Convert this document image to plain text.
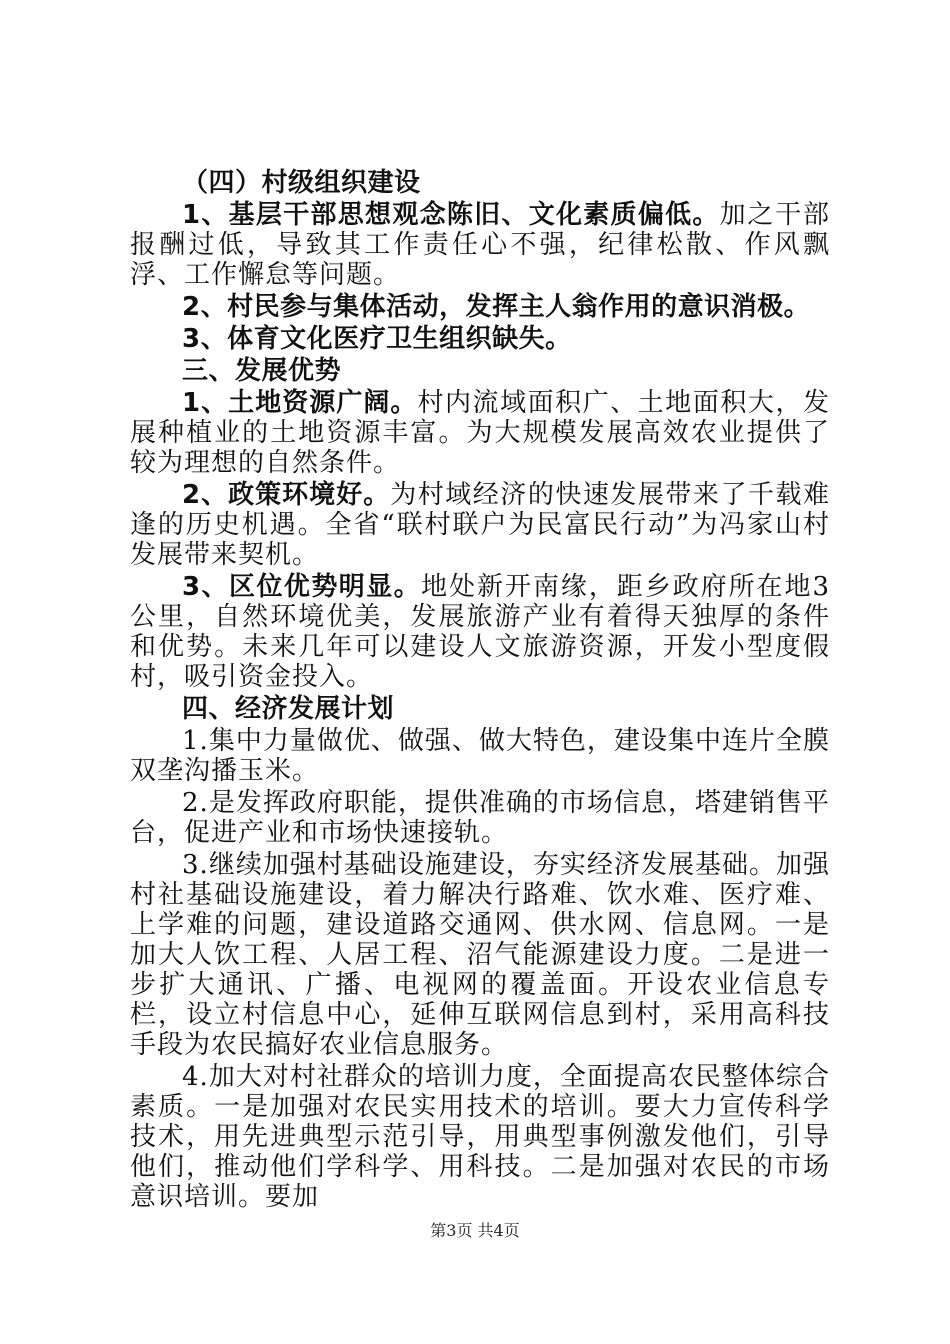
（四）村级组织建设

1、基层干部思想观念陈旧、文化素质偏低。加之干部报酬过低，导致其工作责任心不强，纪律松散、作风飘浮、工作懈怠等问题。

2、村民参与集体活动，发挥主人翁作用的意识消极。

3、体育文化医疗卫生组织缺失。

三、发展优势

1、土地资源广阔。村内流域面积广、土地面积大，发展种植业的土地资源丰富。为大规模发展高效农业提供了较为理想的自然条件。

2、政策环境好。为村域经济的快速发展带来了千载难逢的历史机遇。全省“联村联户为民富民行动”为冯家山村发展带来契机。

3、区位优势明显。地处新开南缘，距乡政府所在地3公里，自然环境优美，发展旅游产业有着得天独厚的条件和优势。未来几年可以建设人文旅游资源，开发小型度假村，吸引资金投入。

四、经济发展计划

1.集中力量做优、做强、做大特色，建设集中连片全膜双垄沟播玉米。

2.是发挥政府职能，提供准确的市场信息，塔建销售平台，促进产业和市场快速接轨。

3.继续加强村基础设施建设，夯实经济发展基础。加强村社基础设施建设，着力解决行路难、饮水难、医疗难、上学难的问题，建设道路交通网、供水网、信息网。一是加大人饮工程、人居工程、沼气能源建设力度。二是进一步扩大通讯、广播、电视网的覆盖面。开设农业信息专栏，设立村信息中心，延伸互联网信息到村，采用高科技手段为农民搞好农业信息服务。

4.加大对村社群众的培训力度，全面提高农民整体综合素质。一是加强对农民实用技术的培训。要大力宣传科学技术，用先进典型示范引导，用典型事例激发他们，引导他们，推动他们学科学、用科技。二是加强对农民的市场意识培训。要加

第3页 共4页
